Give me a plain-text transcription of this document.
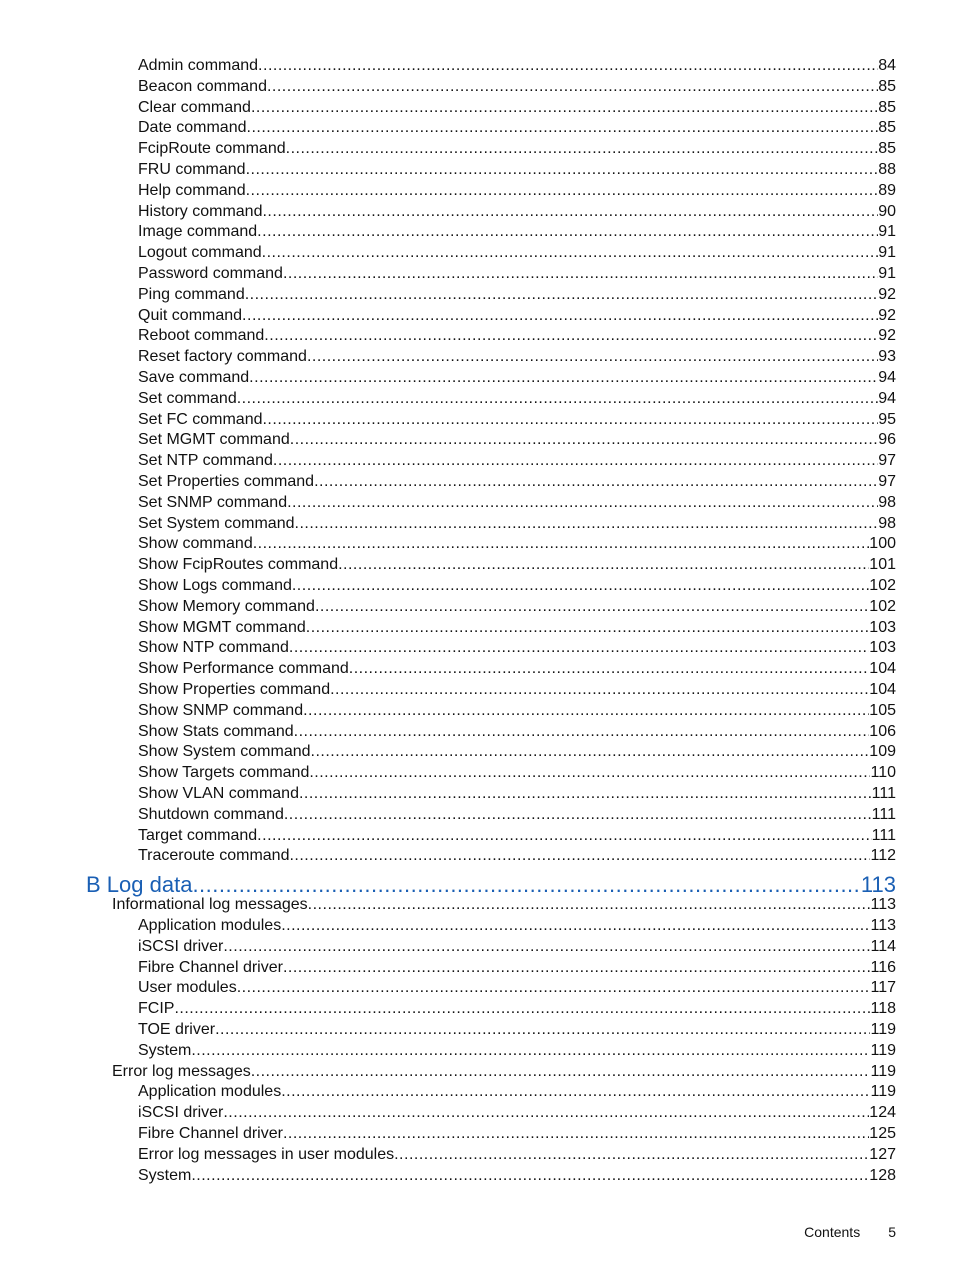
Admin command .....	84
Beacon command .....	85
Clear command .....	85
Date command .....	85
FcipRoute command .....	85
FRU command .....	88
Help command .....	89
History command .....	90
Image command .....	91
Logout command .....	91
Password command .....	91
Ping command .....	92
Quit command .....	92
Reboot command .....	92
Reset factory command .....	93
Save command .....	94
Set command .....	94
Set FC command .....	95
Set MGMT command .....	96
Set NTP command .....	97
Set Properties command .....	97
Set SNMP command .....	98
Set System command .....	98
Show command .....	100
Show FcipRoutes command .....	101
Show Logs command .....	102
Show Memory command .....	102
Show MGMT command .....	103
Show NTP command .....	103
Show Performance command .....	104
Show Properties command .....	104
Show SNMP command .....	105
Show Stats command .....	106
Show System command .....	109
Show Targets command .....	110
Show VLAN command .....	111
Shutdown command .....	111
Target command .....	111
Traceroute command .....	112
B Log data .....	113
Informational log messages .....	113
Application modules .....	113
iSCSI driver .....	114
Fibre Channel driver .....	116
User modules .....	117
FCIP .....	118
TOE driver .....	119
System .....	119
Error log messages .....	119
Application modules .....	119
iSCSI driver .....	124
Fibre Channel driver .....	125
Error log messages in user modules .....	127
System .....	128
Contents 5
